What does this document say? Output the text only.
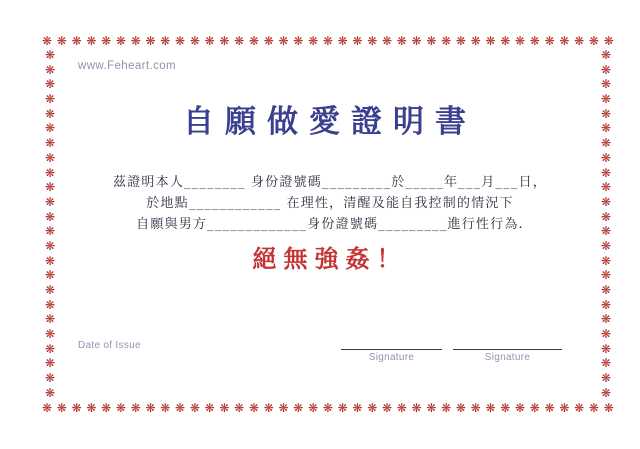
❋ ❋ ❋ ❋ ❋ ❋ ❋ ❋ ❋ ❋ ❋ ❋ ❋ ❋ ❋ ❋ ❋ ❋ ❋ ❋ ❋ ❋ ❋ ❋ ❋ ❋ ❋ ❋ ❋ ❋ ❋ ❋ ❋ ❋ ❋ ❋ ❋ ❋ ❋
❋ ❋ ❋ ❋ ❋ ❋ ❋ ❋ ❋ ❋ ❋ ❋ ❋ ❋ ❋ ❋ ❋ ❋ ❋ ❋ ❋ ❋ ❋ ❋ ❋ ❋ ❋ ❋ ❋ ❋ ❋ ❋ ❋ ❋ ❋ ❋ ❋ ❋ ❋
❋
❋
❋
❋
❋
❋
❋
❋
❋
❋
❋
❋
❋
❋
❋
❋
❋
❋
❋
❋
❋
❋
❋
❋
❋
❋
❋
❋
❋
❋
❋
❋
❋
❋
❋
❋
❋
❋
❋
❋
❋
❋
❋
❋
❋
❋
❋
❋
www.Feheart.com
自願做愛證明書

茲證明本人________ 身份證號碼_________於_____年___月___日，

於地點____________ 在理性，清醒及能自我控制的情況下

自願與男方_____________身份證號碼_________進行性行為.

絕無強姦！
Date of Issue
Signature	Signature
